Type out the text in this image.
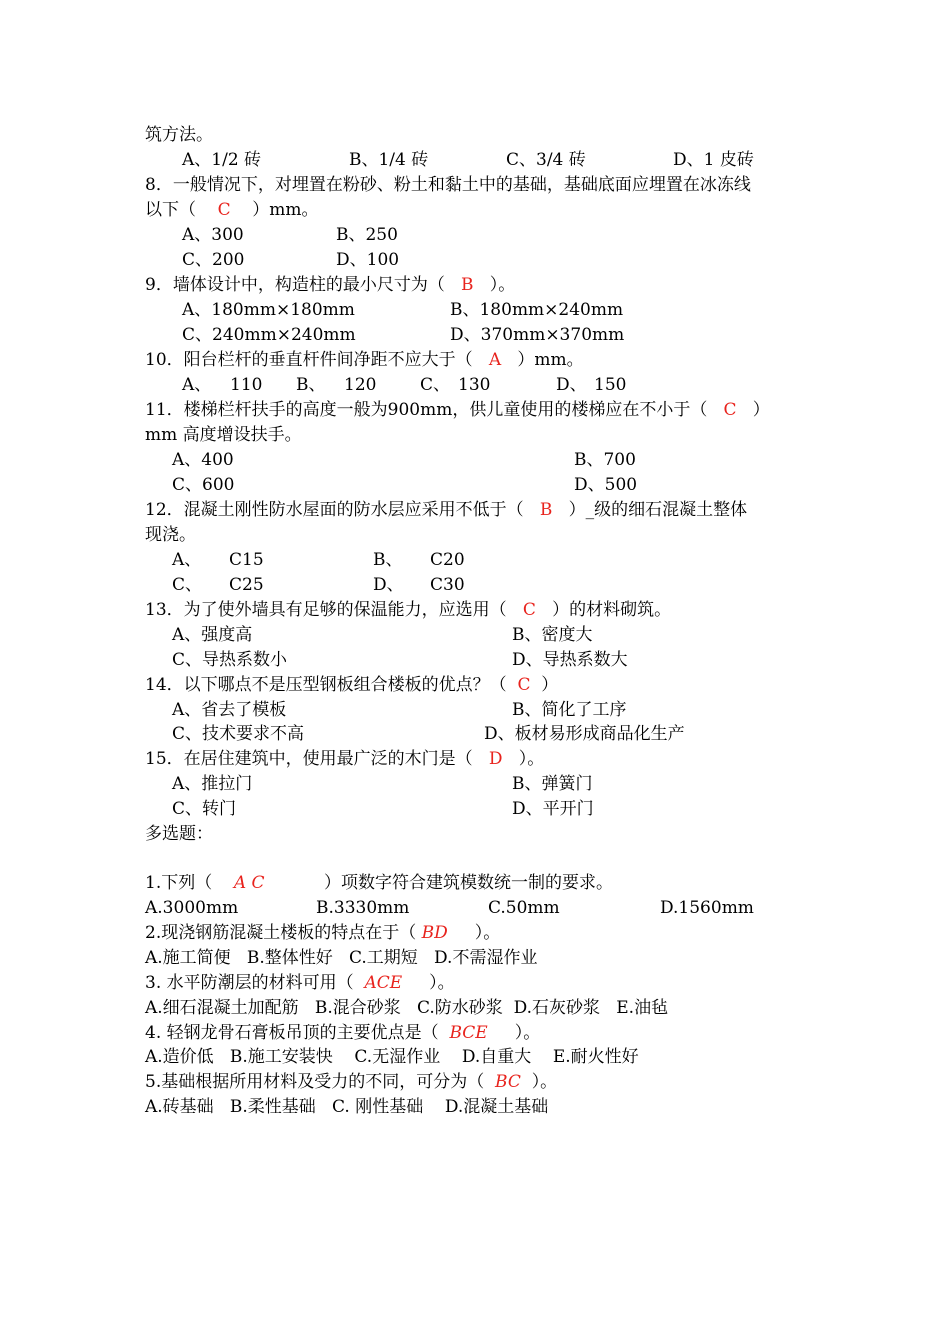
筑方法。
A、1/2 砖	B、1/4 砖	C、3/4 砖	D、1 皮砖
8．一般情况下，对埋置在粉砂、粉土和黏土中的基础，基础底面应埋置在冰冻线
以下（ C ）mm。
A、300	B、250
C、200	D、100
9．墙体设计中，构造柱的最小尺寸为（ B ）。
A、180mm×180mm	B、180mm×240mm
C、240mm×240mm	D、370mm×370mm
10．阳台栏杆的垂直杆件间净距不应大于（ A ）mm。
A、 110 B、 120	C、 130	D、 150
11．楼梯栏杆扶手的高度一般为900mm，供儿童使用的楼梯应在不小于（ C ）
mm 高度增设扶手。
A、400	B、700
C、600	D、500
12．混凝土刚性防水屋面的防水层应采用不低于（ B ）_级的细石混凝土整体
现浇。
A、 C15	B、 C20
C、 C25	D、 C30
13．为了使外墙具有足够的保温能力，应选用（ C ）的材料砌筑。
A、强度高	B、密度大
C、导热系数小	D、导热系数大
14．以下哪点不是压型钢板组合楼板的优点？（ C ）
A、省去了模板	B、简化了工序
C、技术要求不高	D、板材易形成商品化生产
15．在居住建筑中，使用最广泛的木门是（ D ）。
A、推拉门	B、弹簧门
C、转门	D、平开门
多选题：
1.下列（ A C	）项数字符合建筑模数统一制的要求。
A.3000mm	B.3330mm	C.50mm	D.1560mm
2.现浇钢筋混凝土楼板的特点在于（ BD ）。
A.施工简便   B.整体性好   C.工期短   D.不需湿作业
3. 水平防潮层的材料可用（ ACE ）。
A.细石混凝土加配筋   B.混合砂浆   C.防水砂浆  D.石灰砂浆   E.油毡
4. 轻钢龙骨石膏板吊顶的主要优点是（ BCE ）。
A.造价低   B.施工安装快    C.无湿作业    D.自重大    E.耐火性好
5.基础根据所用材料及受力的不同，可分为（ BC ）。
A.砖基础   B.柔性基础   C. 刚性基础    D.混凝土基础
